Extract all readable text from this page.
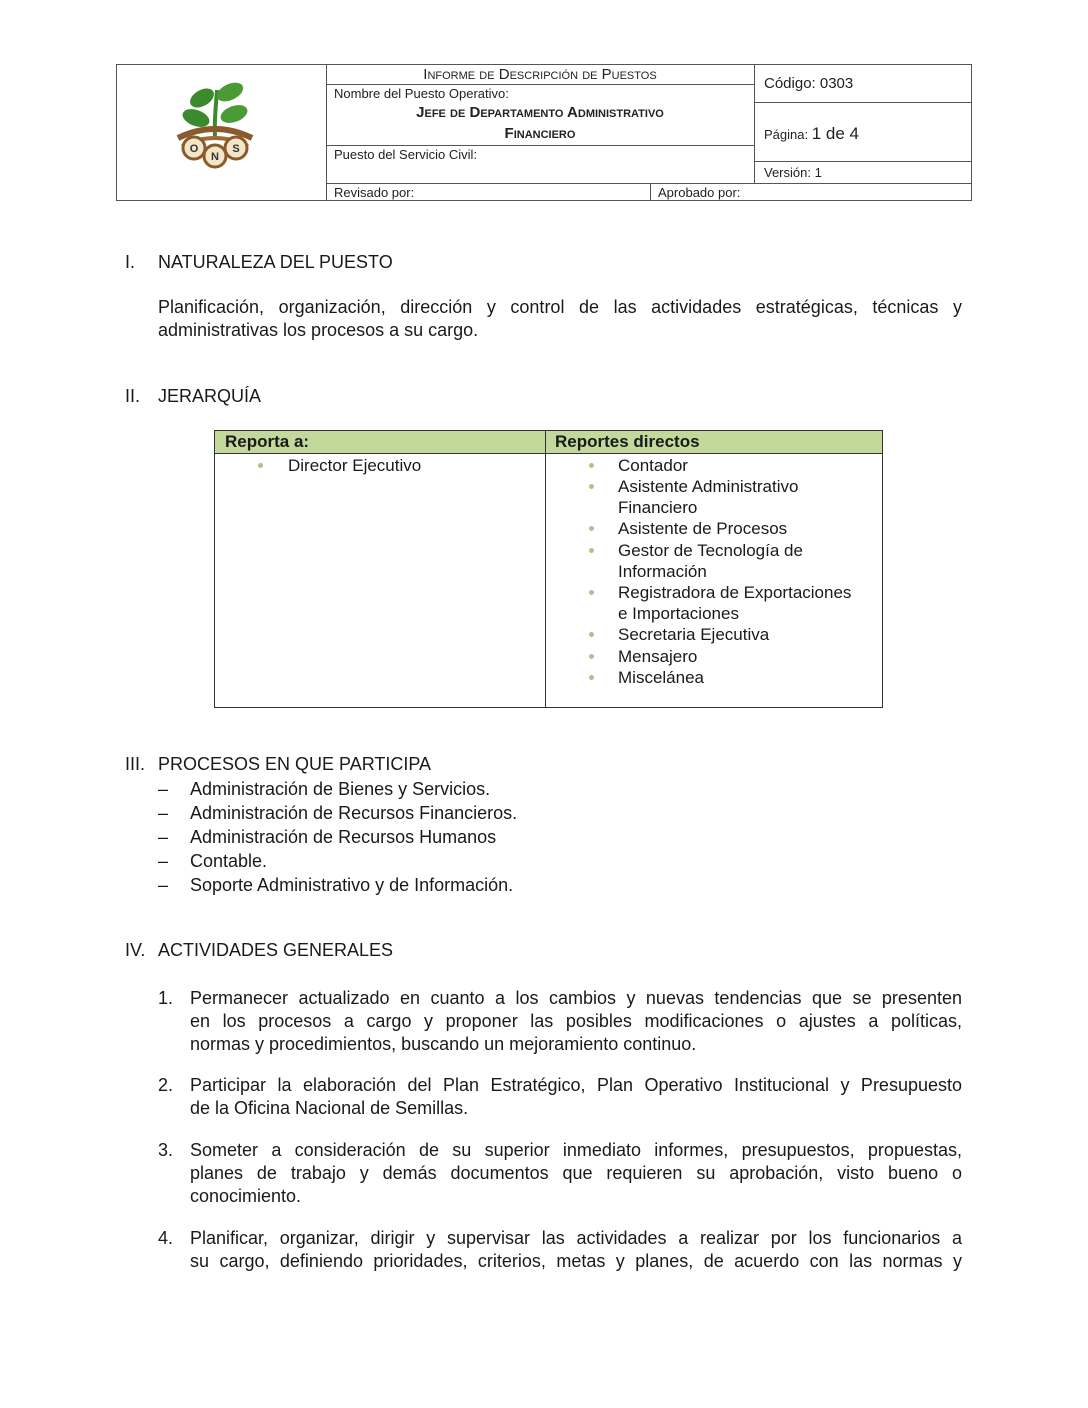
O
N
S
Informe de Descripción de Puestos
Nombre del Puesto Operativo:
Jefe de Departamento Administrativo
Financiero
Puesto del Servicio Civil:
Código: 0303
Página: 1 de 4
Versión: 1
Revisado por:	Aprobado por:
I. NATURALEZA DEL PUESTO
Planificación, organización, dirección y control de las actividades estratégicas, técnicas y
administrativas los procesos a su cargo.
II. JERARQUÍA
Reporta a:	Reportes directos
Director Ejecutivo	Contador
Asistente Administrativo
Financiero
Asistente de Procesos
Gestor de Tecnología de
Información
Registradora de Exportaciones
e Importaciones
Secretaria Ejecutiva
Mensajero
Miscelánea
III. PROCESOS EN QUE PARTICIPA
– Administración de Bienes y Servicios.
– Administración de Recursos Financieros.
– Administración de Recursos Humanos
– Contable.
– Soporte Administrativo y de Información.
IV. ACTIVIDADES GENERALES
1. Permanecer actualizado en cuanto a los cambios y nuevas tendencias que se presenten
en los procesos a cargo y proponer las posibles modificaciones o ajustes a políticas,
normas y procedimientos, buscando un mejoramiento continuo.
2. Participar la elaboración del Plan Estratégico, Plan Operativo Institucional y Presupuesto
de la Oficina Nacional de Semillas.
3. Someter a consideración de su superior inmediato informes, presupuestos, propuestas,
planes de trabajo y demás documentos que requieren su aprobación, visto bueno o
conocimiento.
4. Planificar, organizar, dirigir y supervisar las actividades a realizar por los funcionarios a
su cargo, definiendo prioridades, criterios, metas y planes, de acuerdo con las normas y
